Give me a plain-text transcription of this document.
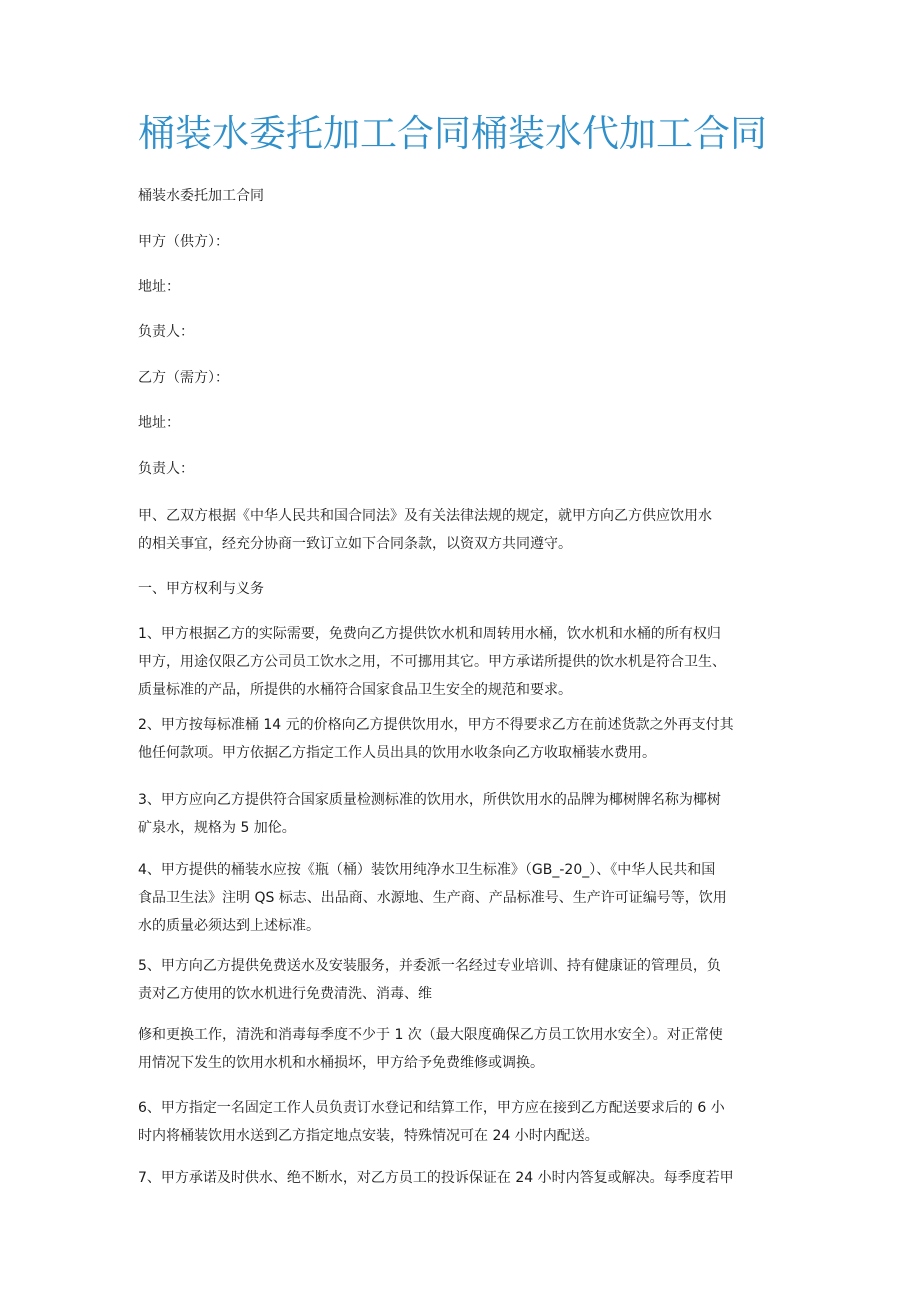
桶装水委托加工合同桶装水代加工合同

桶装水委托加工合同

甲方（供方）：

地址：

负责人：

乙方（需方）：

地址：

负责人：

甲、乙双方根据《中华人民共和国合同法》及有关法律法规的规定，就甲方向乙方供应饮用水
的相关事宜，经充分协商一致订立如下合同条款，以资双方共同遵守。

一、甲方权利与义务

1、甲方根据乙方的实际需要，免费向乙方提供饮水机和周转用水桶，饮水机和水桶的所有权归
甲方，用途仅限乙方公司员工饮水之用，不可挪用其它。甲方承诺所提供的饮水机是符合卫生、
质量标准的产品，所提供的水桶符合国家食品卫生安全的规范和要求。
2、甲方按每标准桶 14 元的价格向乙方提供饮用水，甲方不得要求乙方在前述货款之外再支付其
他任何款项。甲方依据乙方指定工作人员出具的饮用水收条向乙方收取桶装水费用。
3、甲方应向乙方提供符合国家质量检测标准的饮用水，所供饮用水的品牌为椰树牌名称为椰树
矿泉水，规格为 5 加伦。
4、甲方提供的桶装水应按《瓶（桶）装饮用纯净水卫生标准》（GB_-20_）、《中华人民共和国
食品卫生法》注明 QS 标志、出品商、水源地、生产商、产品标准号、生产许可证编号等，饮用
水的质量必须达到上述标准。
5、甲方向乙方提供免费送水及安装服务，并委派一名经过专业培训、持有健康证的管理员，负
责对乙方使用的饮水机进行免费清洗、消毒、维
修和更换工作，清洗和消毒每季度不少于 1 次（最大限度确保乙方员工饮用水安全）。对正常使
用情况下发生的饮用水机和水桶损坏，甲方给予免费维修或调换。
6、甲方指定一名固定工作人员负责订水登记和结算工作，甲方应在接到乙方配送要求后的 6 小
时内将桶装饮用水送到乙方指定地点安装，特殊情况可在 24 小时内配送。
7、甲方承诺及时供水、绝不断水，对乙方员工的投诉保证在 24 小时内答复或解决。每季度若甲
